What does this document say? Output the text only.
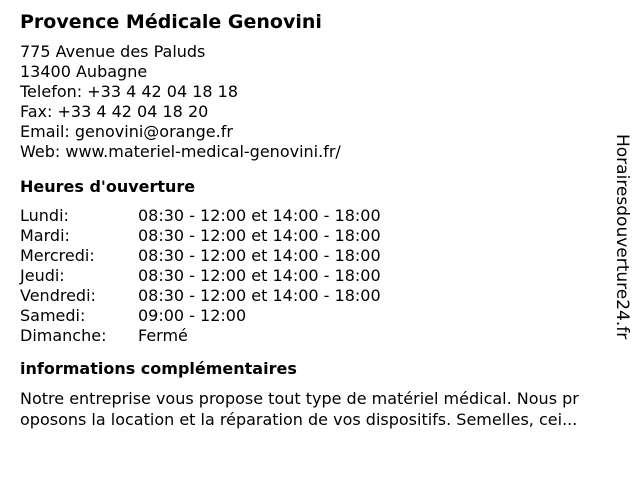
Provence Médicale Genovini
775 Avenue des Paluds
13400 Aubagne
Telefon: +33 4 42 04 18 18
Fax: +33 4 42 04 18 20
Email: genovini@orange.fr
Web: www.materiel-medical-genovini.fr/
Heures d'ouverture
Lundi:	08:30 - 12:00 et 14:00 - 18:00
Mardi:	08:30 - 12:00 et 14:00 - 18:00
Mercredi:	08:30 - 12:00 et 14:00 - 18:00
Jeudi:	08:30 - 12:00 et 14:00 - 18:00
Vendredi:	08:30 - 12:00 et 14:00 - 18:00
Samedi:	09:00 - 12:00
Dimanche:	Fermé
informations complémentaires
Notre entreprise vous propose tout type de matériel médical. Nous pr
oposons la location et la réparation de vos dispositifs. Semelles, cei...
Horairesdouverture24.fr
